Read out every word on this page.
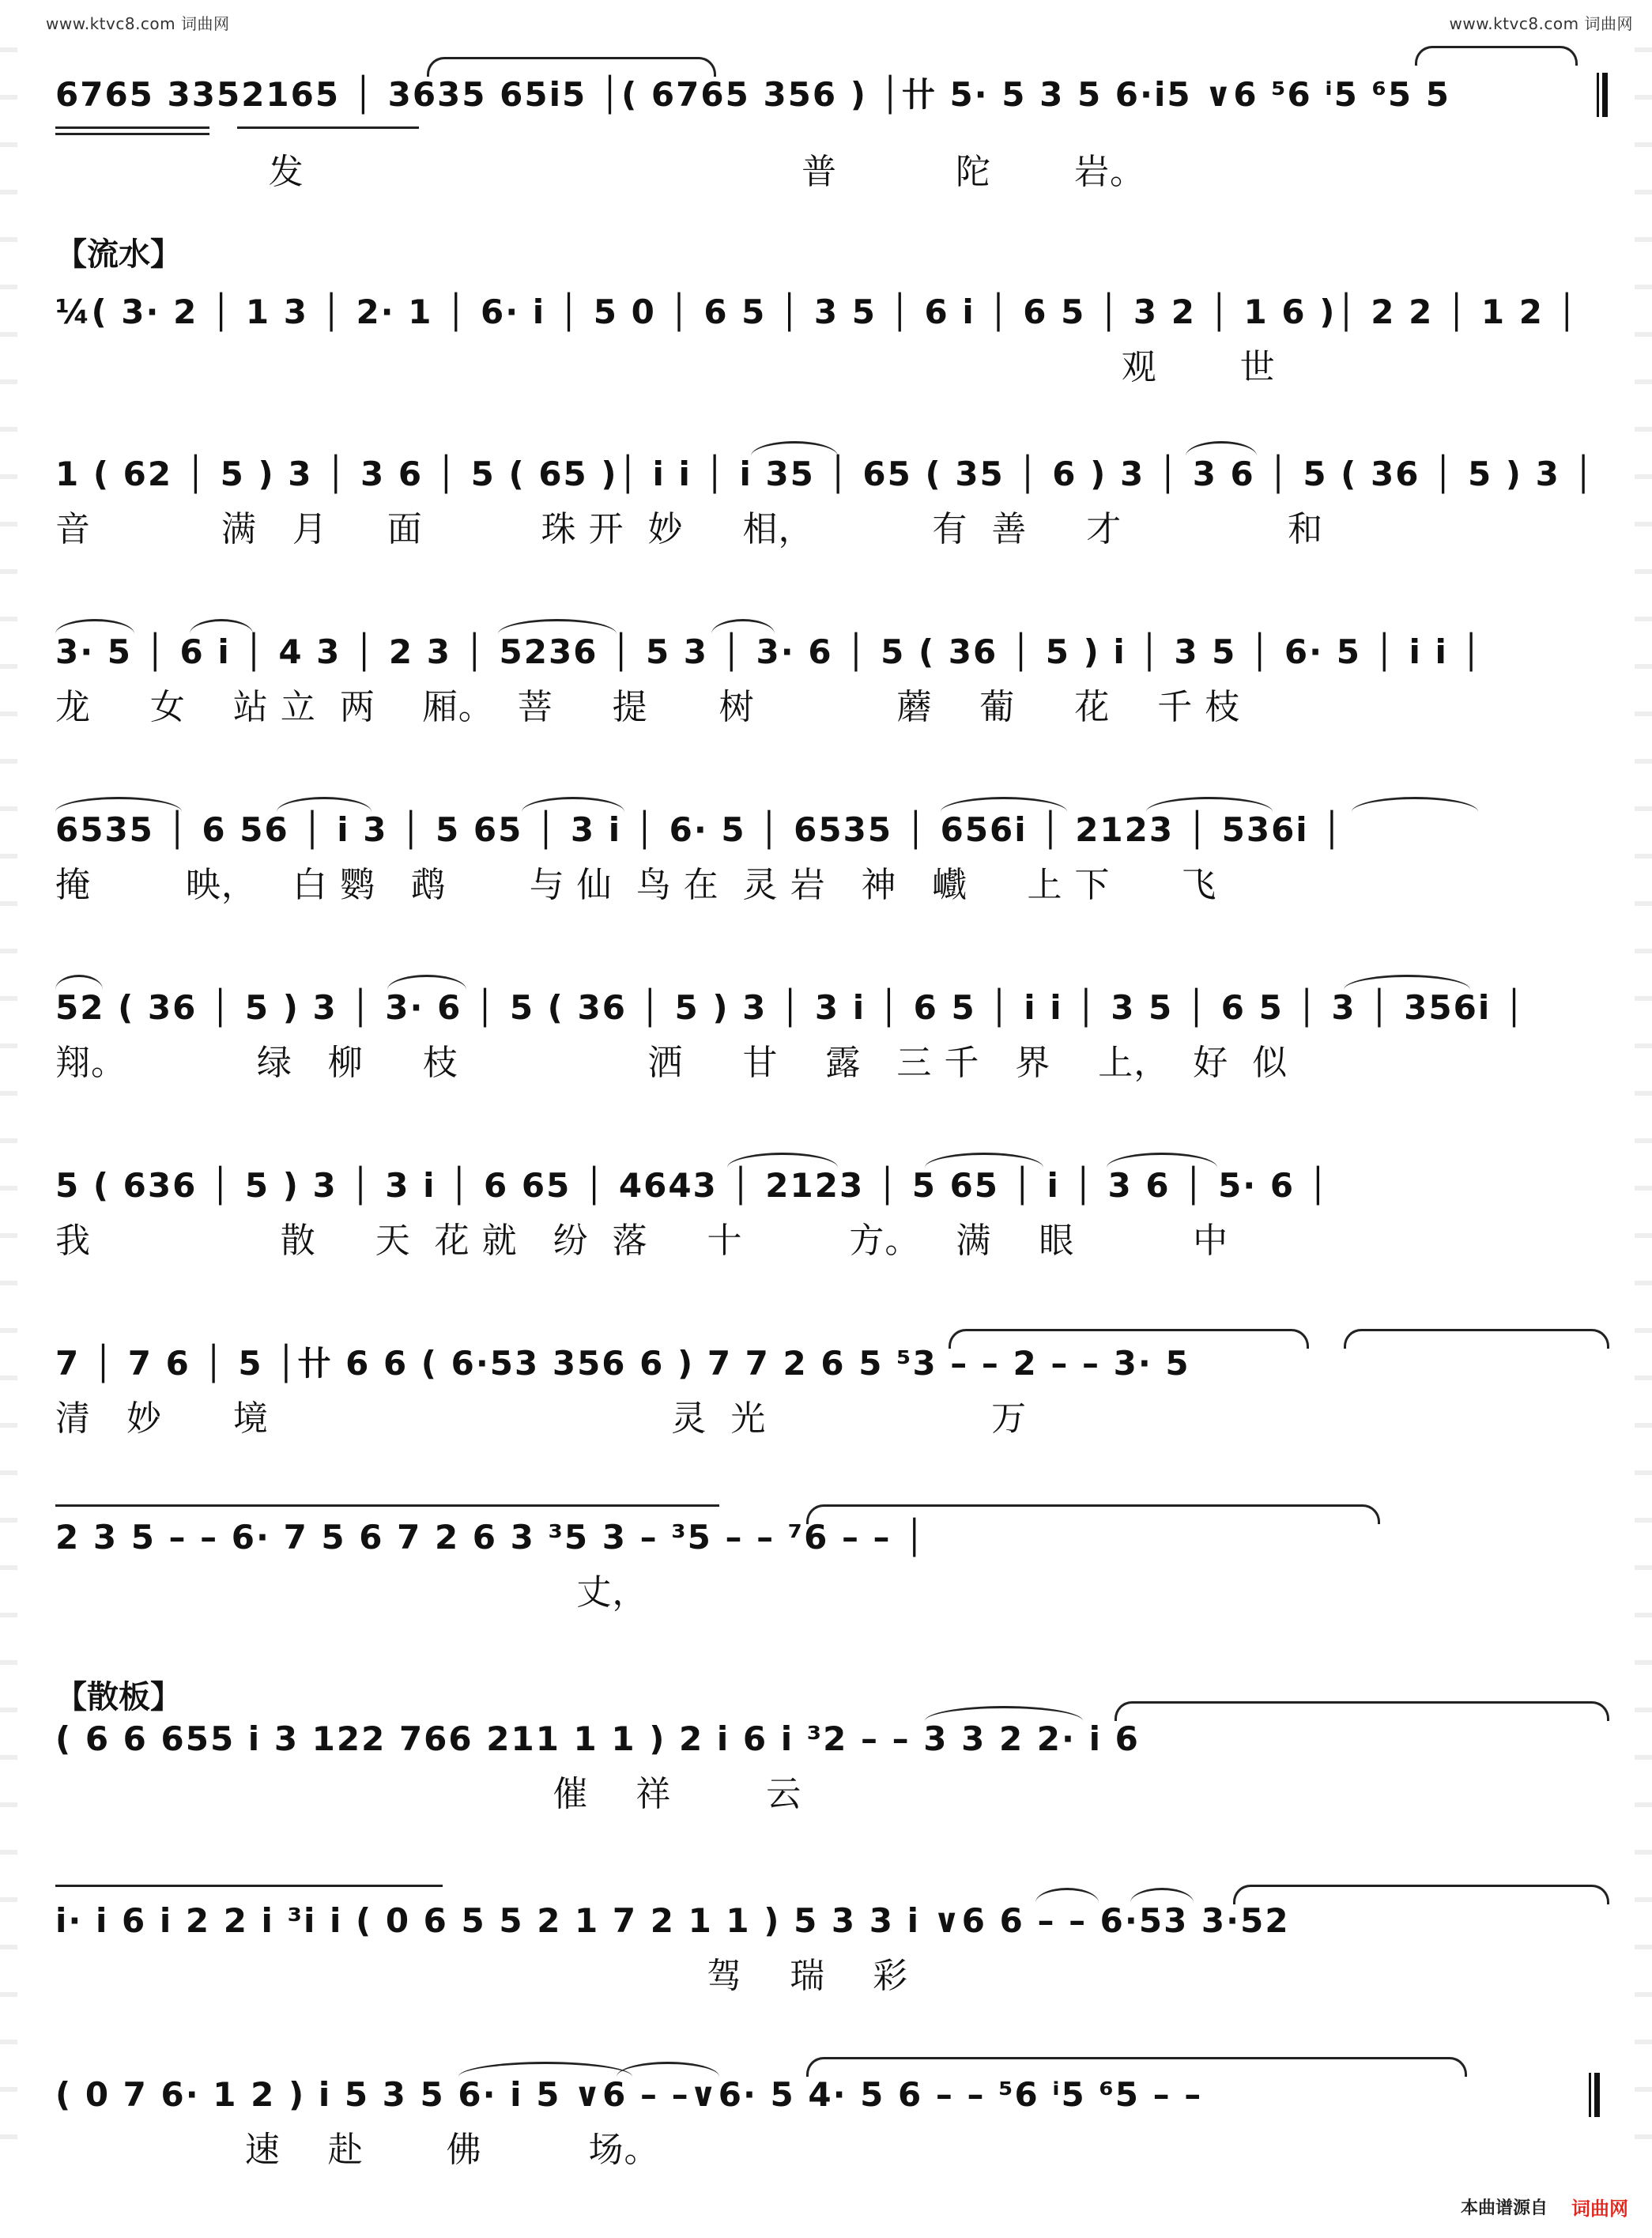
www.ktvc8.com 词曲网	www.ktvc8.com 词曲网
6765 3352165 │ 3635 65i5 │( 6765 356 ) │卄 5· 5 3 5 6·i5 ∨6 ⁵6 ⁱ5 ⁶5 5
发                                          普          陀       岩。
【流水】
¼( 3· 2 │ 1 3 │ 2· 1 │ 6· i │ 5 0 │ 6 5 │ 3 5 │ 6 i │ 6 5 │ 3 2 │ 1 6 )│ 2 2 │ 1 2 │
观       世
1 ( 62 │ 5 ) 3 │ 3 6 │ 5 ( 65 )│ i i │ i 35 │ 65 ( 35 │ 6 ) 3 │ 3 6 │ 5 ( 36 │ 5 ) 3 │
音           满   月     面          珠 开  妙     相，          有  善     才              和
3· 5 │ 6 i │ 4 3 │ 2 3 │ 5236 │ 5 3 │ 3· 6 │ 5 ( 36 │ 5 ) i │ 3 5 │ 6· 5 │ i i │
龙     女    站 立  两    厢。  菩     提      树            蘑    葡     花    千 枝
6535 │ 6 56 │ i 3 │ 5 65 │ 3 i │ 6· 5 │ 6535 │ 656i │ 2123 │ 536i │
掩        映，   白 鹦   鹉       与 仙  鸟 在  灵 岩   神   巇     上 下      飞
52 ( 36 │ 5 ) 3 │ 3· 6 │ 5 ( 36 │ 5 ) 3 │ 3 i │ 6 5 │ i i │ 3 5 │ 6 5 │ 3 │ 356i │
翔。           绿   柳     枝                洒     甘    露   三 千   界    上，  好  似
5 ( 636 │ 5 ) 3 │ 3 i │ 6 65 │ 4643 │ 2123 │ 5 65 │ i │ 3 6 │ 5· 6 │
我                散     天  花 就   纷  落     十         方。   满    眼          中
7 │ 7 6 │ 5 │卄 6 6 ( 6·53 356 6 ) 7 7 2 6 5 ⁵3 – – 2 – – 3· 5
清   妙      境                                  灵  光                   万
2 3 5 – – 6· 7 5 6 7 2 6 3 ³5 3 – ³5 – – ⁷6 – – │
丈，
【散板】
( 6 6 655 i 3 122 766 211 1 1 ) 2 i 6 i ³2 – – 3 3 2 2· i 6
催    祥        云
i· i 6 i 2 2 i ³i i ( 0 6 5 5 2 1 7 2 1 1 ) 5 3 3 i ∨6 6 – – 6·53 3·52
驾    瑞    彩
( 0 7 6· 1 2 ) i 5 3 5 6· i 5 ∨6 – –∨6· 5 4· 5 6 – – ⁵6 ⁱ5 ⁶5 – –
速    赴       佛         场。
本曲谱源自 词曲网
